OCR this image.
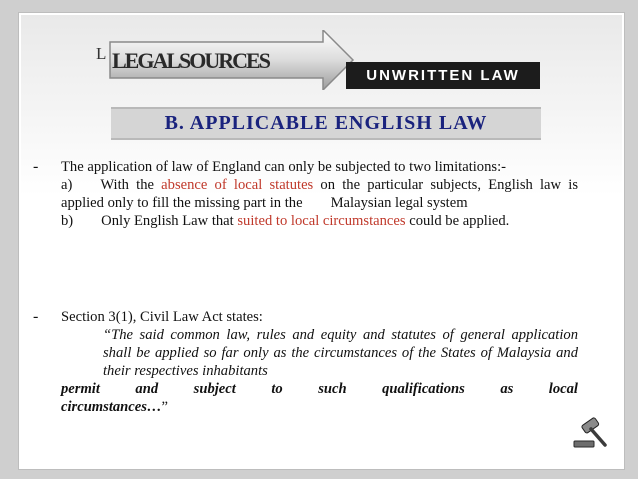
L LEGALSOURCES
UNWRITTEN LAW
B. APPLICABLE ENGLISH LAW
- The application of law of England can only be subjected to two limitations:-
a) With the absence of local statutes on the particular subjects, English law is applied only to fill the missing part in the Malaysian legal system
b) Only English Law that suited to local circumstances could be applied.
- Section 3(1), Civil Law Act states:
“The said common law, rules and equity and statutes of general application shall be applied so far only as the circumstances of the States of Malaysia and their respectives inhabitants
permit and subject to such qualifications as local
circumstances…”
